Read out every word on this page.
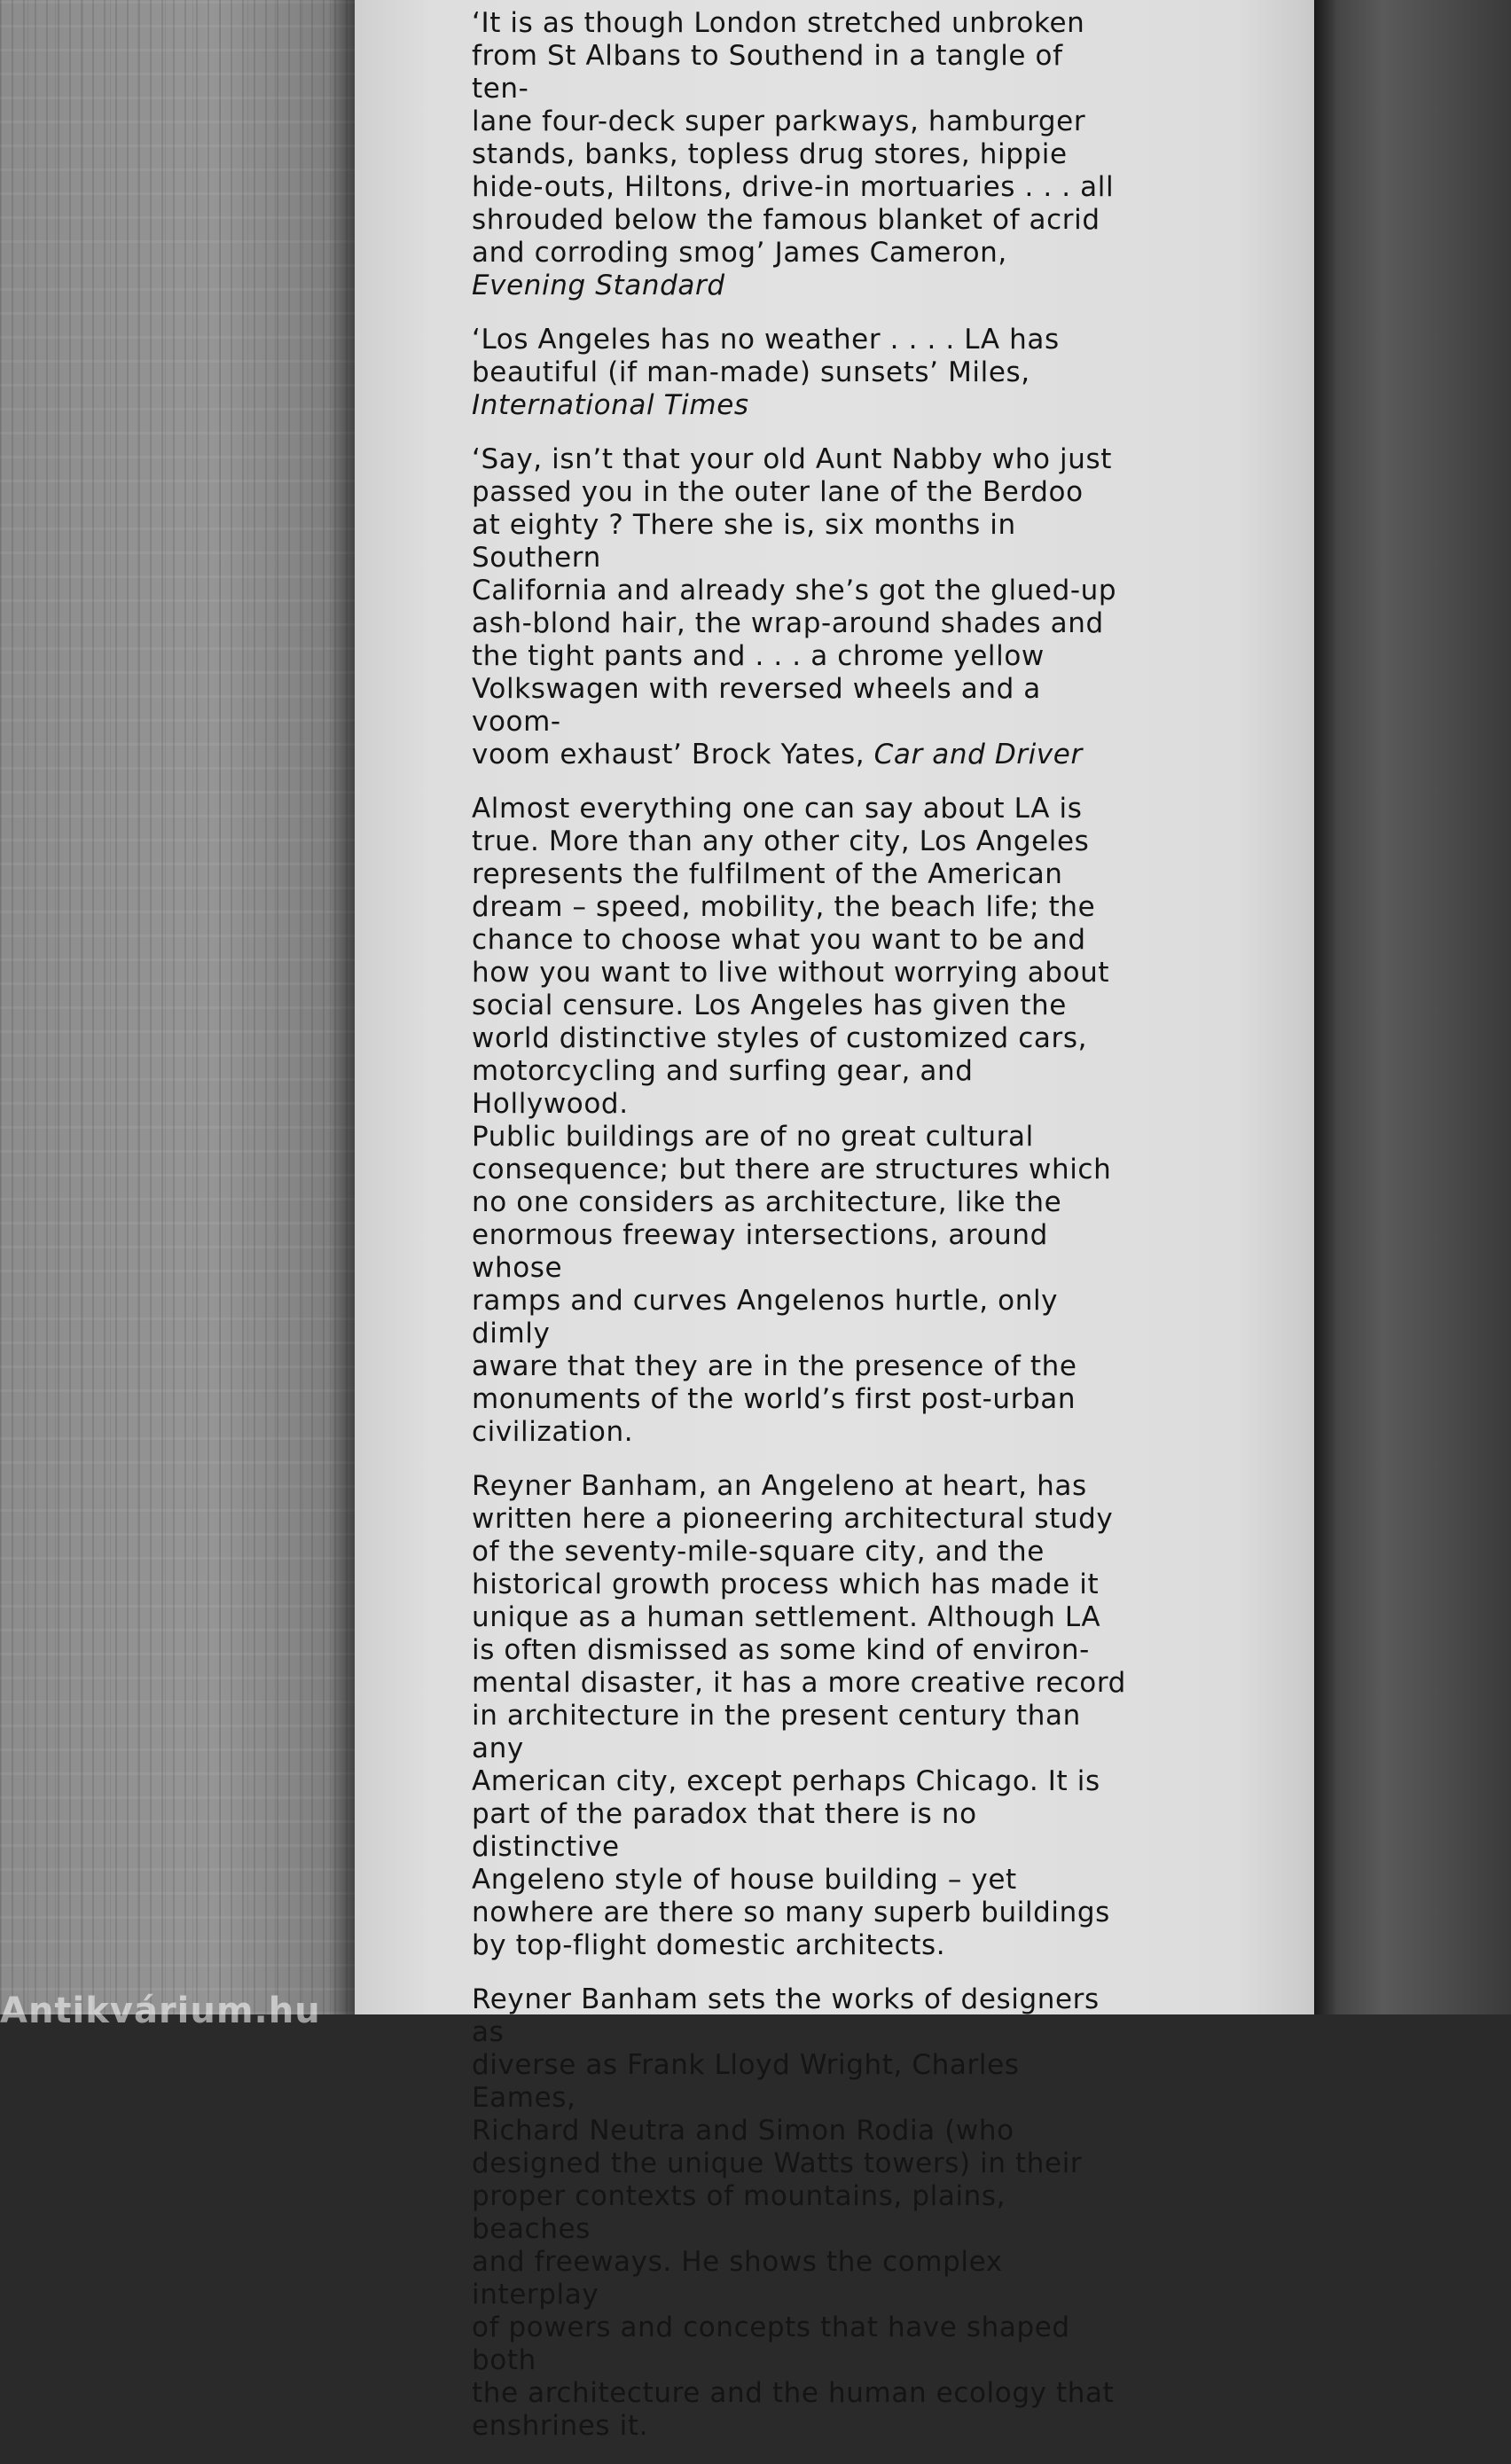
‘It is as though London stretched unbroken
from St Albans to Southend in a tangle of ten-
lane four-deck super parkways, hamburger
stands, banks, topless drug stores, hippie
hide-outs, Hiltons, drive-in mortuaries . . . all
shrouded below the famous blanket of acrid
and corroding smog’ James Cameron,
Evening Standard

‘Los Angeles has no weather . . . . LA has
beautiful (if man-made) sunsets’ Miles,
International Times

‘Say, isn’t that your old Aunt Nabby who just
passed you in the outer lane of the Berdoo
at eighty ? There she is, six months in Southern
California and already she’s got the glued-up
ash-blond hair, the wrap-around shades and
the tight pants and . . . a chrome yellow
Volkswagen with reversed wheels and a voom-
voom exhaust’ Brock Yates, Car and Driver

Almost everything one can say about LA is
true. More than any other city, Los Angeles
represents the fulfilment of the American
dream – speed, mobility, the beach life; the
chance to choose what you want to be and
how you want to live without worrying about
social censure. Los Angeles has given the
world distinctive styles of customized cars,
motorcycling and surfing gear, and Hollywood.
Public buildings are of no great cultural
consequence; but there are structures which
no one considers as architecture, like the
enormous freeway intersections, around whose
ramps and curves Angelenos hurtle, only dimly
aware that they are in the presence of the
monuments of the world’s first post-urban
civilization.

Reyner Banham, an Angeleno at heart, has
written here a pioneering architectural study
of the seventy-mile-square city, and the
historical growth process which has made it
unique as a human settlement. Although LA
is often dismissed as some kind of environ-
mental disaster, it has a more creative record
in architecture in the present century than any
American city, except perhaps Chicago. It is
part of the paradox that there is no distinctive
Angeleno style of house building – yet
nowhere are there so many superb buildings
by top-flight domestic architects.

Reyner Banham sets the works of designers as
diverse as Frank Lloyd Wright, Charles Eames,
Richard Neutra and Simon Rodia (who
designed the unique Watts towers) in their
proper contexts of mountains, plains, beaches
and freeways. He shows the complex interplay
of powers and concepts that have shaped both
the architecture and the human ecology that
enshrines it.

Antikvárium.hu
